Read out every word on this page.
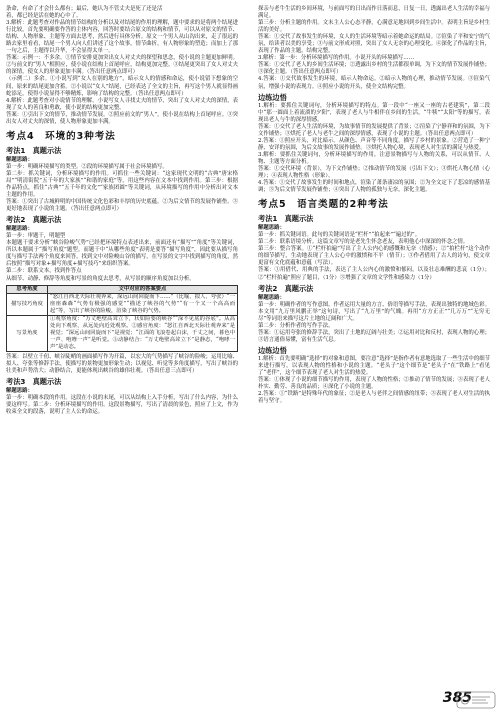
条命，有命了才会什么都有；最后，她认为不管丈夫是死了还是活

着，都已经是活在她的心中了。

3.解析：此题考查对作品的情节结构的分析以及对结尾的作用的理解，题中要求的是将两个结尾进行比较，首先要明确要作答的主体内容，回答时要结合原文的结构和情节，可以从对原文的情节、结构、人物形象、主题等方面去思考，然后进行具体分析。原文一个男人从山沟出来，走了很远的路去家里看看，结尾一个男人向人们讲述了这个故事，情节曲折，有人物形象的塑造；而加上了那一句之后，主题得以升华，不会显得太单一。

答案：示例一：不多余。①情节安排更加突出女人对丈夫的探望和思念，使小说的主题更加鲜明。②与前文的“男人”相照应，使小说在结构上首尾呼应，结构更加完整。③结尾更突出了女人对丈夫的深情，使女人的形象更加丰满。（答出任意两点即可）

（示例二）多余。①小说写到“女人在别的地方”，暗示女人的情感和命运，使小说留下想象的空间，原来的结尾更加含蓄。②小说以“女人”结尾，已经表达了全文的主旨，再写这个男人就显得画蛇添足，使得小说显得不够精炼，影响了结构的完整。（答出任意两点即可）

4.解析：此题考查对小说情节的理解。小说写女人寻找丈夫的情节，突出了女人对丈夫的深情，表现了女人的善良和勇敢，使小说的结构更加完整。

答案：①引出下文的情节，推动情节发展。②照应前文的“男人”，使小说在结构上首尾呼应。③突出女人对丈夫的深情，使人物形象更加丰满。

考点4　环境的3种考法

考法1　真题示法

解题思路：

第一步：明确环境描写的类型。②段的环境描写属于社会环境描写。

第二步：抓关键词，分析环境描写的作用。可抓住一些关键词：“这家现代文明的“古典”唐宋格局”“明清街院”五千年的大家族”“和谐的家庭”等，用这些内容在文本中找到作用。第三步：根据作品特点，抓住“古典”“五千年的文化”“家族团圆”等关键词，从环境描写的作用中分析出对文本主题的作用。

答案：①突出了古城鲜明的中国传统文化色彩和丰厚的历史底蕴。②为后文情节的发展作铺垫。③更好地表现了小说的主题。（答出任意两点即可）

考法2　真题示法

解题思路：

第一步：审题干，明题型

本题题干要求分析“峡谷险峻气势”已经把环境特点表述出来，前面还有“描写”“角度”等关键词，所以本题属于“描写角度”题型。而题干中“从哪些角度”表明是要答“描写角度”，因此要从描写角度与描写手法两个角度来回答，找到文中对险峻山谷的描写，在写景的文字中找到描写的角度，然后按照“描写对象+描写角度+描写技巧”来组织答案。

第二步：联系文本，找到作答点

从细节、动静、修辞等角度和写景的角度去思考，从写景的顺序角度加以分析。

思考角度	文中对应的答案要点
描写技巧角度	“怒江自西北天际壮观奔来，深远山间回旋而下……”（比喻、拟人、夸张）“一座座森森“气势有极强的感觉”“描述了峡谷的气势”“有一个又一个高高而起”等，写出了峡谷的险峻，渲染了峡谷的气势。
写景角度	①观察角度：“万丈绝壁高耸立下，状如险要的峡谷”“深不见底的谷底”。从高处向下观察，从远处向近处观察。②感官角度：“怒江自西北天际壮观奔来”是视觉；“深远山间回旋而下”是视觉；“江面的飞浪卷起白沫，千丈之间，暮色中一声、咆哮一声”是听觉。③动静结合：“万丈绝壁高耸立下”是静态，“咆哮一声”是动态。

答案：以壁立千仞、峡谷陡峭的画面描写作为开篇，以宏大的气势描写了峡谷的险峻；运用比喻、拟人、夸张等修辞手法，使描写的景物更加形象生动；以视觉、听觉等多角度描写，写出了峡谷的壮美和声势浩大；动静结合，更能体现出峡谷的雄伟壮观。（答出任意三点即可）

考法3　真题示法

解题思路：

第一步：明确本段的作用。这段在小说的末尾，可以从结构上入手分析，写出了什么内容，为什么要这样写。第二步：分析环境描写的作用。这段景物描写，写出了清晨的景色，照应了上文，作为收束全文的段落，说明了主人公的命运。

探亲与老牛生活的乡间环境，与前面写的日出而作日落而息，日复一日，透露出老人生活的幸福与满足。

第三步：分析主题的作用。文末主人公心态平静，心满意足地回到乡间生活中。表明主旨是乡村生活的美好。

答案：①交代了故事发生的环境，女人的生活环境等暗示着她命运的结局。②渲染了平和安宁的气氛，给读者以美的享受；③与前文形成对照，突出了女人无奈的心理变化。④深化了作品的主旨，表现了作品的主题，结构完整。

3.解析：第一步：分析环境描写的作用。小说开头的环境描写……

答案：①交代了老人的乡间生活环境；②透露出乡村的生活都很单调，为下文的情节发展作铺垫；③深化主题。（答出任意两点即可）

4.答案：①交代故事发生的环境，暗示人物命运。②暗示人物的心理，推动情节发展。③渲染气氛，增强小说的表现力。④照应小说的开头，使全文结构完整。

边练边悟

1.解析：要抓住关键词句，分析环境描写的特点。第一段中“一座又一座的古老建筑”，第二段中“那一圆面上着流淌的夕阳”，表现了老人与牛相伴在乡间的生活，“牛犊”“太阳”等的描写，表现出老人与牛的深厚情感。

答案：①交代了老人生活的环境，为故事情节的发展提供了背景；②渲染了宁静祥和的氛围，为下文作铺垫；③烘托了老人与老牛之间的深厚情感，表现了小说的主题。（答出任意两点即可）

2.答案：①照应开头，对比暗示。从颜色、声音等不同角度，描写了乡村的景象。②营造了一种宁静、安详的氛围，为后文故事的发展作铺垫。③烘托人物心境，表现老人对生活的满足与热爱。

3.解析：要抓住关键词句，分析环境描写的作用，注意景物描写与人物的关系，可以从情节、人物、主题等方面分析。

答案：①交代环境（背景），为下文作铺垫；②推动情节的发展（引出下文）；③烘托人物心情（心理）；④表现人物性格（形象）。

4.答案：①交代了故事发生的时间和地点，渲染了萧条凄凉的氛围；②为全文定下了悲凉的感情基调；③为后文情节发展作铺垫；④突出了人物的孤独与无奈，深化主题。

考点5　语言类题的2种考法

考法1　真题示法

解题思路：

第一步：抓关键词语。此句的关键词语是“栏杆”“拍起来”“遍过的”。

第二步：联系语境分析。这篇文章写的是老先生怀念老友，表明他心中深深的怀念之情。

第三步：整合答案。①“栏杆拍遍”写出了主人公内心的感慨和无奈（情感）；②“拍栏杆”这个动作的细节描写，生动地表现了主人公心中的激愤和不平（情节）；③作者借用了古人的诗句，使文章更富有文化底蕴和意蕴（写法）。

答案：①用借代、用典的手法，表达了主人公内心的激愤和郁闷，以及壮志难酬的悲哀（1分）；②“栏杆拍遍”照应了题目，（1分）③增强了文章的文学性和感染力（1分）

考法2　真题示法

解题思路：

第一步：明确作者的写作意图。作者运用大量的方言、俗语等描写手法，表现出独特的地域色彩。本文用“九万里风鹏正举”这句诗，写出了“九万里”的气魄。再用“方方正正”“几万万”“无穷无尽”等词语来描写这片土地的辽阔和广大。

第二步：分析作者的写作手法。

答案：①运用夸张的修辞手法，突出了土地的辽阔与壮美；②运用对比和反衬，表现人物的心理；③语言通俗易懂，富有生活气息。

边练边悟

1.解析：首先要明确“选择”的对象和意图，要注意“选择”是指作者有意地选取了一些生活中的细节来进行描写，以表现人物的性格和小说的主题。“老头子”这个细节是“老头子”在“铁路上”看见了“老伴”，这个细节表现了老人对生活的热爱。

答案：①体现了小说的细节描写的作用，表现了人物的性格；②推动了情节的发展；③表现了老人朴实、勤劳、善良的品质；④深化了小说的主题。

2.答案：①“铁路”是特殊年代的象征；②是老人与老伴之间情感的纽带；③表现了老人对生活的执着与坚守。

385
